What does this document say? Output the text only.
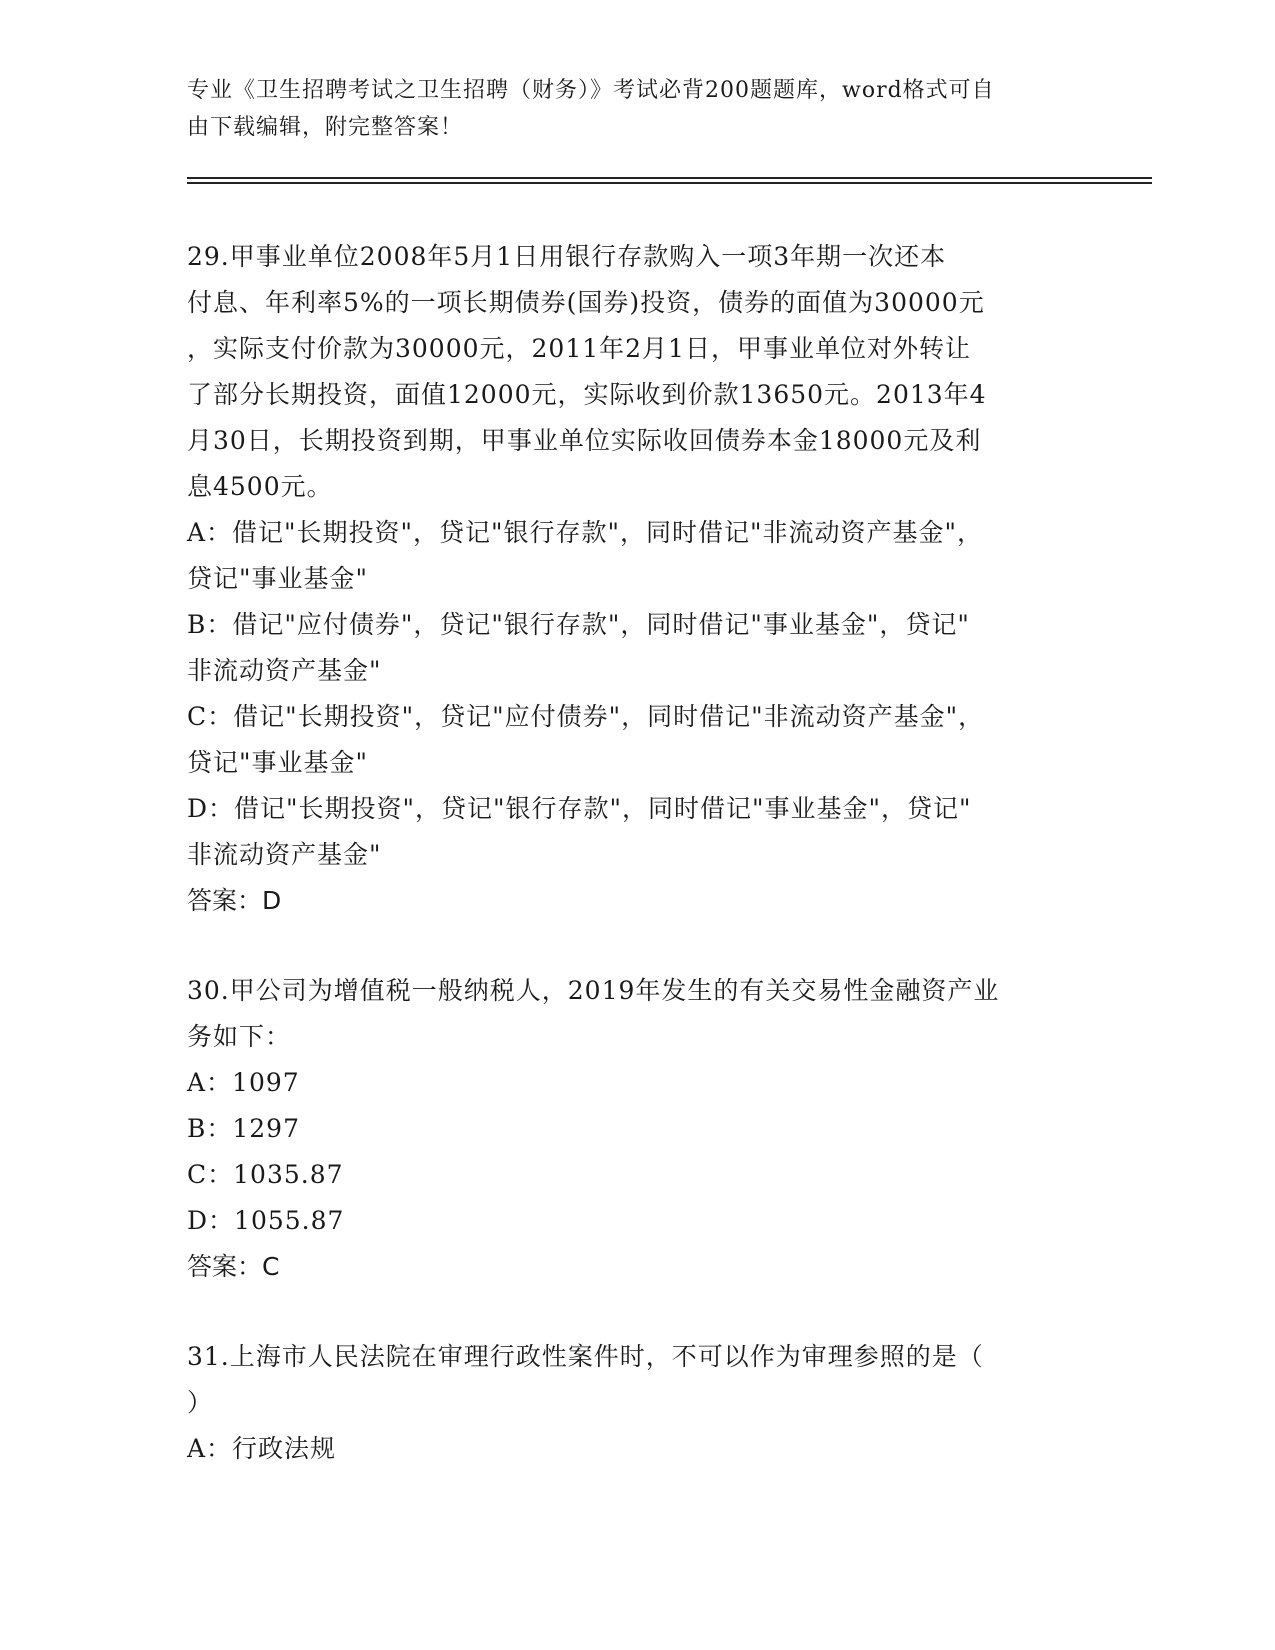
专业《卫生招聘考试之卫生招聘（财务）》考试必背200题题库，word格式可自
由下载编辑，附完整答案！
29.甲事业单位2008年5月1日用银行存款购入一项3年期一次还本
付息、年利率5%的一项长期债券(国券)投资，债券的面值为30000元
，实际支付价款为30000元，2011年2月1日，甲事业单位对外转让
了部分长期投资，面值12000元，实际收到价款13650元。2013年4
月30日，长期投资到期，甲事业单位实际收回债券本金18000元及利
息4500元。
A：借记"长期投资"，贷记"银行存款"，同时借记"非流动资产基金"，
贷记"事业基金"
B：借记"应付债券"，贷记"银行存款"，同时借记"事业基金"，贷记"
非流动资产基金"
C：借记"长期投资"，贷记"应付债券"，同时借记"非流动资产基金"，
贷记"事业基金"
D：借记"长期投资"，贷记"银行存款"，同时借记"事业基金"，贷记"
非流动资产基金"
答案：D
30.甲公司为增值税一般纳税人，2019年发生的有关交易性金融资产业
务如下：
A：1097
B：1297
C：1035.87
D：1055.87
答案：C
31.上海市人民法院在审理行政性案件时，不可以作为审理参照的是（
）
A：行政法规
